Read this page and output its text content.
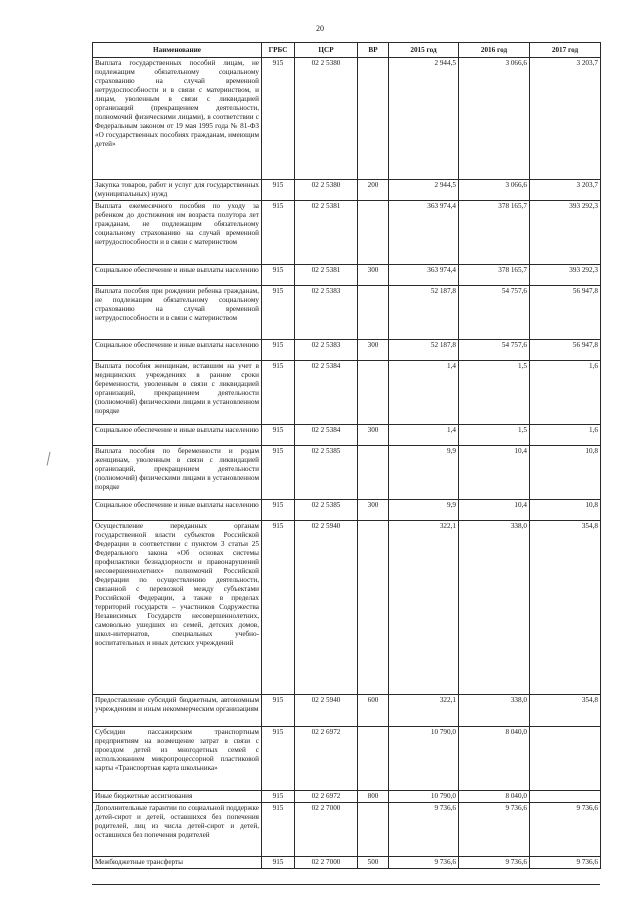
20
Наименование	ГРБС	ЦСР	ВР	2015 год	2016 год	2017 год
Выплата государственных пособий лицам, не подлежащим обязательному социальному страхованию на случай временной нетрудоспособности и в связи с материнством, и лицам, уволенным в связи с ликвидацией организаций (прекращением деятельности, полномочий физическими лицами), в соответствии с Федеральным законом от 19 мая 1995 года № 81-ФЗ «О государственных пособиях гражданам, имеющим детей»	915	02 2 5380		2 944,5	3 066,6	3 203,7
Закупка товаров, работ и услуг для государственных (муниципальных) нужд	915	02 2 5380	200	2 944,5	3 066,6	3 203,7
Выплата ежемесячного пособия по уходу за ребенком до достижения им возраста полутора лет гражданам, не подлежащим обязательному социальному страхованию на случай временной нетрудоспособности и в связи с материнством	915	02 2 5381		363 974,4	378 165,7	393 292,3
Социальное обеспечение и иные выплаты населению	915	02 2 5381	300	363 974,4	378 165,7	393 292,3
Выплата пособия при рождении ребенка гражданам, не подлежащим обязательному социальному страхованию на случай временной нетрудоспособности и в связи с материнством	915	02 2 5383		52 187,8	54 757,6	56 947,8
Социальное обеспечение и иные выплаты населению	915	02 2 5383	300	52 187,8	54 757,6	56 947,8
Выплата пособия женщинам, вставшим на учет в медицинских учреждениях в ранние сроки беременности, уволенным в связи с ликвидацией организаций, прекращением деятельности (полномочий) физическими лицами в установленном порядке	915	02 2 5384		1,4	1,5	1,6
Социальное обеспечение и иные выплаты населению	915	02 2 5384	300	1,4	1,5	1,6
Выплата пособия по беременности и родам женщинам, уволенным в связи с ликвидацией организаций, прекращением деятельности (полномочий) физическими лицами в установленном порядке	915	02 2 5385		9,9	10,4	10,8
Социальное обеспечение и иные выплаты населению	915	02 2 5385	300	9,9	10,4	10,8
Осуществление переданных органам государственной власти субъектов Российской Федерации в соответствии с пунктом 3 статьи 25 Федерального закона «Об основах системы профилактики безнадзорности и правонарушений несовершеннолетних» полномочий Российской Федерации по осуществлению деятельности, связанной с перевозкой между субъектами Российской Федерации, а также в пределах территорий государств – участников Содружества Независимых Государств несовершеннолетних, самовольно ушедших из семей, детских домов, школ-интернатов, специальных учебно-воспитательных и иных детских учреждений	915	02 2 5940		322,1	338,0	354,8
Предоставление субсидий бюджетным, автономным учреждениям и иным некоммерческим организациям	915	02 2 5940	600	322,1	338,0	354,8
Субсидии пассажирским транспортным предприятиям на возмещение затрат в связи с проездом детей из многодетных семей с использованием микропроцессорной пластиковой карты «Транспортная карта школьника»	915	02 2 6972		10 790,0	8 040,0	
Иные бюджетные ассигнования	915	02 2 6972	800	10 790,0	8 040,0	
Дополнительные гарантии по социальной поддержке детей-сирот и детей, оставшихся без попечения родителей, лиц из числа детей-сирот и детей, оставшихся без попечения родителей	915	02 2 7000		9 736,6	9 736,6	9 736,6
Межбюджетные трансферты	915	02 2 7000	500	9 736,6	9 736,6	9 736,6
